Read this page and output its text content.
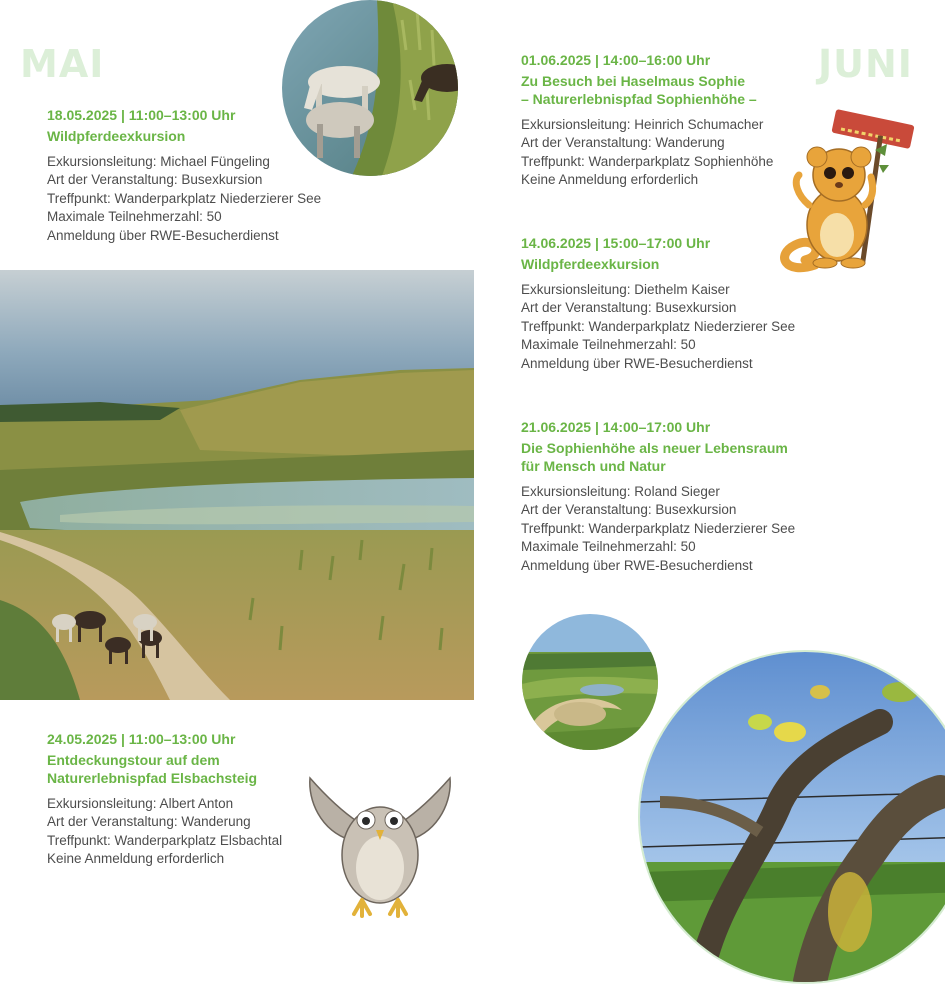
MAI	JUNI
18.05.2025 | 11:00–13:00 Uhr
Wildpferdeexkursion
Exkursionsleitung: Michael Füngeling
Art der Veranstaltung: Busexkursion
Treffpunkt: Wanderparkplatz Niederzierer See
Maximale Teilnehmerzahl: 50
Anmeldung über RWE-Besucherdienst
24.05.2025 | 11:00–13:00 Uhr
Entdeckungstour auf dem
Naturerlebnispfad Elsbachsteig
Exkursionsleitung: Albert Anton
Art der Veranstaltung: Wanderung
Treffpunkt: Wanderparkplatz Elsbachtal
Keine Anmeldung erforderlich
01.06.2025 | 14:00–16:00 Uhr
Zu Besuch bei Haselmaus Sophie
– Naturerlebnispfad Sophienhöhe –
Exkursionsleitung: Heinrich Schumacher
Art der Veranstaltung: Wanderung
Treffpunkt: Wanderparkplatz Sophienhöhe
Keine Anmeldung erforderlich
14.06.2025 | 15:00–17:00 Uhr
Wildpferdeexkursion
Exkursionsleitung: Diethelm Kaiser
Art der Veranstaltung: Busexkursion
Treffpunkt: Wanderparkplatz Niederzierer See
Maximale Teilnehmerzahl: 50
Anmeldung über RWE-Besucherdienst
21.06.2025 | 14:00–17:00 Uhr
Die Sophienhöhe als neuer Lebensraum
für Mensch und Natur
Exkursionsleitung: Roland Sieger
Art der Veranstaltung: Busexkursion
Treffpunkt: Wanderparkplatz Niederzierer See
Maximale Teilnehmerzahl: 50
Anmeldung über RWE-Besucherdienst
